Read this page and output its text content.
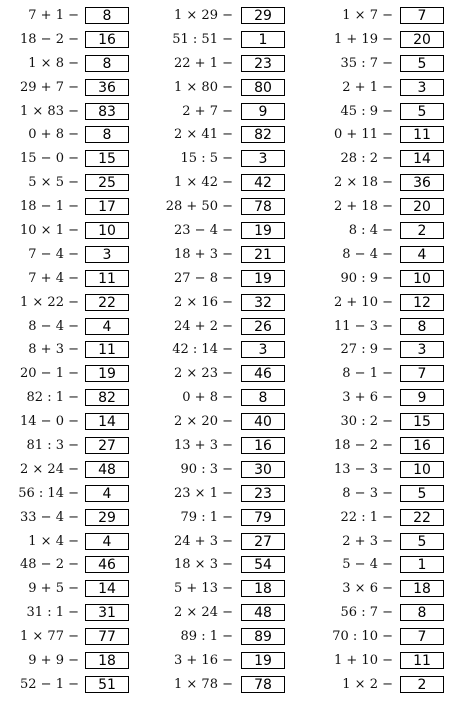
7 + 1 −	8
18 − 2 −	16
1 × 8 −	8
29 + 7 −	36
1 × 83 −	83
0 + 8 −	8
15 − 0 −	15
5 × 5 −	25
18 − 1 −	17
10 × 1 −	10
7 − 4 −	3
7 + 4 −	11
1 × 22 −	22
8 − 4 −	4
8 + 3 −	11
20 − 1 −	19
82 : 1 −	82
14 − 0 −	14
81 : 3 −	27
2 × 24 −	48
56 : 14 −	4
33 − 4 −	29
1 × 4 −	4
48 − 2 −	46
9 + 5 −	14
31 : 1 −	31
1 × 77 −	77
9 + 9 −	18
52 − 1 −	51
1 × 29 −	29
51 : 51 −	1
22 + 1 −	23
1 × 80 −	80
2 + 7 −	9
2 × 41 −	82
15 : 5 −	3
1 × 42 −	42
28 + 50 −	78
23 − 4 −	19
18 + 3 −	21
27 − 8 −	19
2 × 16 −	32
24 + 2 −	26
42 : 14 −	3
2 × 23 −	46
0 + 8 −	8
2 × 20 −	40
13 + 3 −	16
90 : 3 −	30
23 × 1 −	23
79 : 1 −	79
24 + 3 −	27
18 × 3 −	54
5 + 13 −	18
2 × 24 −	48
89 : 1 −	89
3 + 16 −	19
1 × 78 −	78
1 × 7 −	7
1 + 19 −	20
35 : 7 −	5
2 + 1 −	3
45 : 9 −	5
0 + 11 −	11
28 : 2 −	14
2 × 18 −	36
2 + 18 −	20
8 : 4 −	2
8 − 4 −	4
90 : 9 −	10
2 + 10 −	12
11 − 3 −	8
27 : 9 −	3
8 − 1 −	7
3 + 6 −	9
30 : 2 −	15
18 − 2 −	16
13 − 3 −	10
8 − 3 −	5
22 : 1 −	22
2 + 3 −	5
5 − 4 −	1
3 × 6 −	18
56 : 7 −	8
70 : 10 −	7
1 + 10 −	11
1 × 2 −	2
